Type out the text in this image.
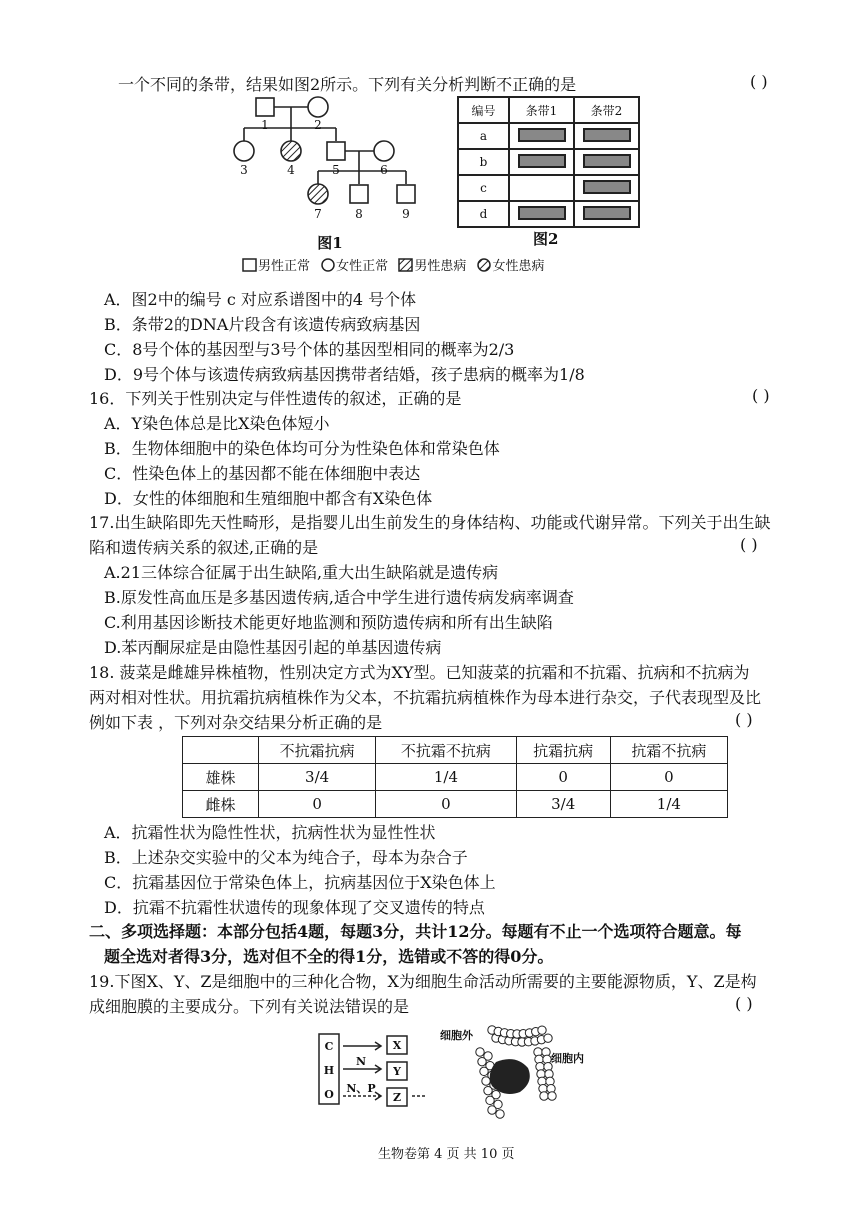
一个不同的条带，结果如图2所示。下列有关分析判断不正确的是	( )
1	2
3	4	5	6
7	8	9
图1
编号	条带1	条带2
a		
b		
c		
d		
图2
男性正常 女性正常 男性患病 女性患病
A．图2中的编号 c 对应系谱图中的4 号个体
B．条带2的DNA片段含有该遗传病致病基因
C．8号个体的基因型与3号个体的基因型相同的概率为2/3
D．9号个体与该遗传病致病基因携带者结婚，孩子患病的概率为1/8
16．下列关于性别决定与伴性遗传的叙述，正确的是	( )
A．Y染色体总是比X染色体短小
B．生物体细胞中的染色体均可分为性染色体和常染色体
C．性染色体上的基因都不能在体细胞中表达
D．女性的体细胞和生殖细胞中都含有X染色体
17.出生缺陷即先天性畸形，是指婴儿出生前发生的身体结构、功能或代谢异常。下列关于出生缺
陷和遗传病关系的叙述,正确的是	( )
A.21三体综合征属于出生缺陷,重大出生缺陷就是遗传病
B.原发性高血压是多基因遗传病,适合中学生进行遗传病发病率调查
C.利用基因诊断技术能更好地监测和预防遗传病和所有出生缺陷
D.苯丙酮尿症是由隐性基因引起的单基因遗传病
18. 菠菜是雌雄异株植物，性别决定方式为XY型。已知菠菜的抗霜和不抗霜、抗病和不抗病为
两对相对性状。用抗霜抗病植株作为父本，不抗霜抗病植株作为母本进行杂交，子代表现型及比
例如下表 ，下列对杂交结果分析正确的是	( )
	不抗霜抗病	不抗霜不抗病	抗霜抗病	抗霜不抗病
雄株	3/4	1/4	0	0
雌株	0	0	3/4	1/4
A．抗霜性状为隐性性状，抗病性状为显性性状
B．上述杂交实验中的父本为纯合子，母本为杂合子
C．抗霜基因位于常染色体上，抗病基因位于X染色体上
D．抗霜不抗霜性状遗传的现象体现了交叉遗传的特点
二、多项选择题：本部分包括4题，每题3分，共计12分。每题有不止一个选项符合题意。每
题全选对者得3分，选对但不全的得1分，选错或不答的得0分。
19.下图X、Y、Z是细胞中的三种化合物，X为细胞生命活动所需要的主要能源物质，Y、Z是构
成细胞膜的主要成分。下列有关说法错误的是	( )
C
H
O
N
N、P
X
Y
Z
细胞外
细胞内
生物卷第 4 页 共 10 页
